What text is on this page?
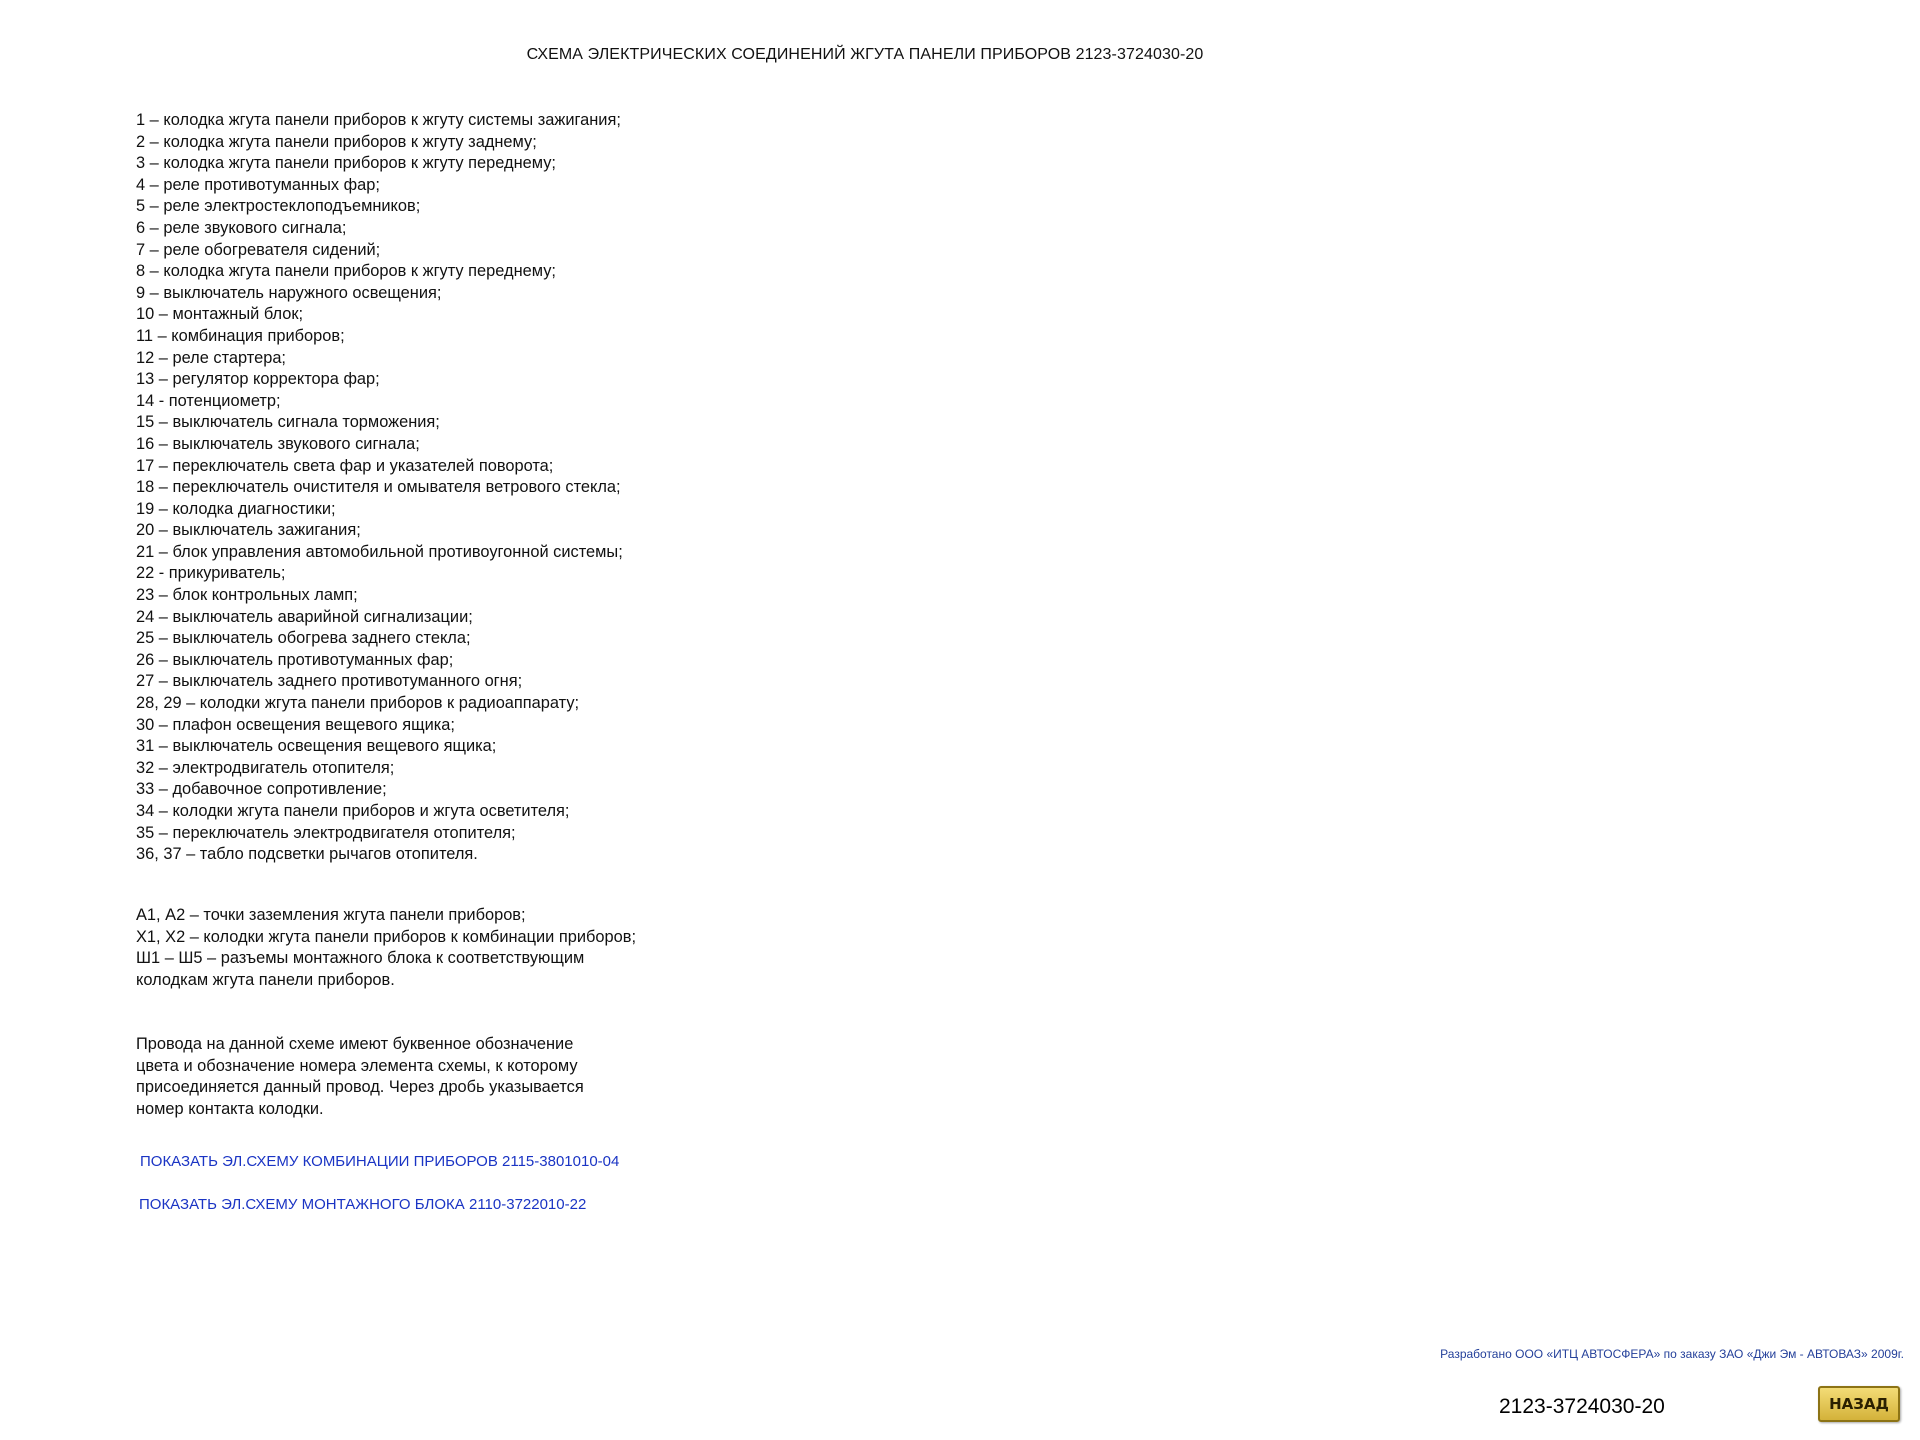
СХЕМА ЭЛЕКТРИЧЕСКИХ СОЕДИНЕНИЙ ЖГУТА ПАНЕЛИ ПРИБОРОВ 2123-3724030-20
1 – колодка жгута панели приборов к жгуту системы зажигания;
2 – колодка жгута панели приборов к жгуту заднему;
3 – колодка жгута панели приборов к жгуту переднему;
4 – реле противотуманных фар;
5 – реле электростеклоподъемников;
6 – реле звукового сигнала;
7 – реле обогревателя сидений;
8 – колодка жгута панели приборов к жгуту переднему;
9 – выключатель наружного освещения;
10 – монтажный блок;
11 – комбинация приборов;
12 – реле стартера;
13 – регулятор корректора фар;
14 - потенциометр;
15 – выключатель сигнала торможения;
16 – выключатель звукового сигнала;
17 – переключатель света фар и указателей поворота;
18 – переключатель очистителя и омывателя ветрового стекла;
19 – колодка диагностики;
20 – выключатель зажигания;
21 – блок управления автомобильной противоугонной системы;
22 - прикуриватель;
23 – блок контрольных ламп;
24 – выключатель аварийной сигнализации;
25 – выключатель обогрева заднего стекла;
26 – выключатель противотуманных фар;
27 – выключатель заднего противотуманного огня;
28, 29 – колодки жгута панели приборов к радиоаппарату;
30 – плафон освещения вещевого ящика;
31 – выключатель освещения вещевого ящика;
32 – электродвигатель отопителя;
33 – добавочное сопротивление;
34 – колодки жгута панели приборов и жгута осветителя;
35 – переключатель электродвигателя отопителя;
36, 37 – табло подсветки рычагов отопителя.
А1, А2 – точки заземления жгута панели приборов;
Х1, Х2 – колодки жгута панели приборов к комбинации приборов;
Ш1 – Ш5 – разъемы монтажного блока к соответствующим
колодкам жгута панели приборов.
Провода на данной схеме имеют буквенное обозначение
цвета и обозначение номера элемента схемы, к которому
присоединяется данный провод. Через дробь указывается
номер контакта колодки.
ПОКАЗАТЬ ЭЛ.СХЕМУ КОМБИНАЦИИ ПРИБОРОВ 2115-3801010-04
ПОКАЗАТЬ ЭЛ.СХЕМУ МОНТАЖНОГО БЛОКА 2110-3722010-22
Разработано ООО «ИТЦ АВТОСФЕРА» по заказу ЗАО «Джи Эм - АВТОВАЗ» 2009г.
2123-3724030-20	НАЗАД
